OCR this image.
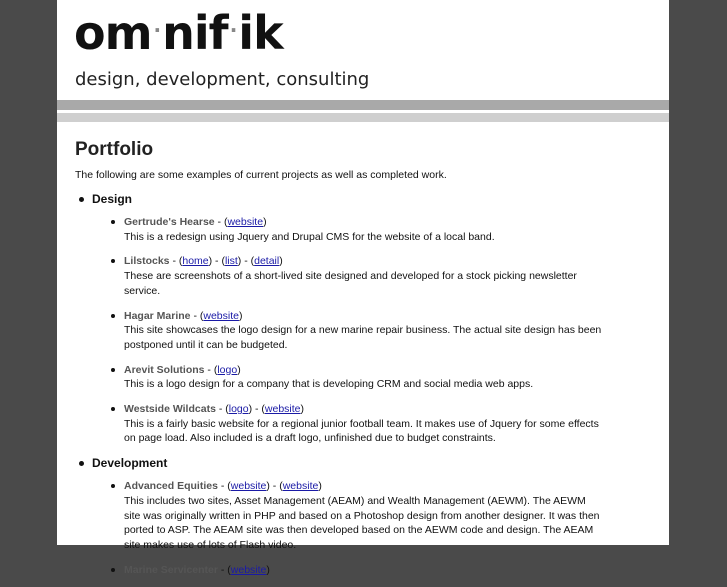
om ·nif ·ik
design, development, consulting
Portfolio

The following are some examples of current projects as well as completed work.

Design
Gertrude's Hearse - (website)
This is a redesign using Jquery and Drupal CMS for the website of a local band.
Lilstocks - (home) - (list) - (detail)
These are screenshots of a short-lived site designed and developed for a stock picking newsletter service.
Hagar Marine - (website)
This site showcases the logo design for a new marine repair business. The actual site design has been postponed until it can be budgeted.
Arevit Solutions - (logo)
This is a logo design for a company that is developing CRM and social media web apps.
Westside Wildcats - (logo) - (website)
This is a fairly basic website for a regional junior football team. It makes use of Jquery for some effects on page load. Also included is a draft logo, unfinished due to budget constraints.
Development
Advanced Equities - (website) - (website)
This includes two sites, Asset Management (AEAM) and Wealth Management (AEWM). The AEWM site was originally written in PHP and based on a Photoshop design from another designer. It was then ported to ASP. The AEAM site was then developed based on the AEWM code and design. The AEAM site makes use of lots of Flash video.
Marine Servicenter - (website)
